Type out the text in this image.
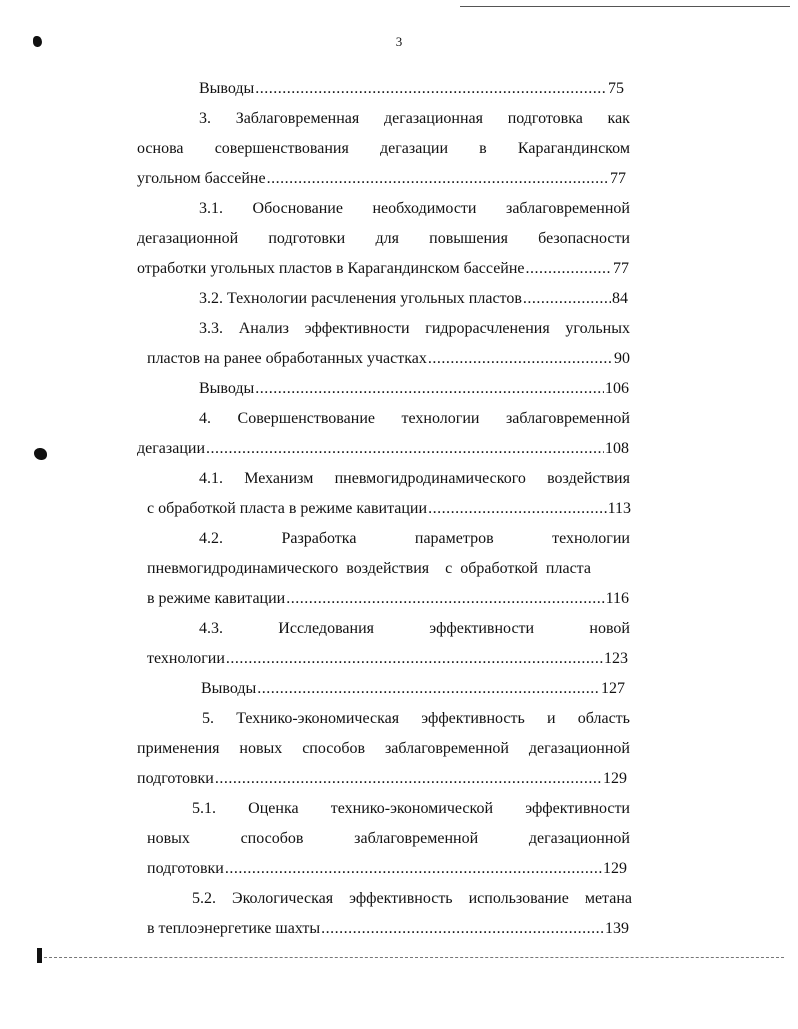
3
Выводы .....	75
3. Заблаговременная дегазационная подготовка как
основа совершенствования дегазации в Карагандинском
угольном бассейне .....	77
3.1. Обоснование необходимости заблаговременной
дегазационной подготовки для повышения безопасности
отработки угольных пластов в Карагандинском бассейне .....	77
3.2. Технологии расчленения угольных пластов .....	84
3.3. Анализ эффективности гидрорасчленения угольных
пластов на ранее обработанных участках .....	90
Выводы .....	106
4. Совершенствование технологии заблаговременной
дегазации .....	108
4.1. Механизм пневмогидродинамического воздействия
с обработкой пласта в режиме кавитации .....	113
4.2.	Разработка	параметров	технологии
пневмогидродинамического воздействия с обработкой пласта
в режиме кавитации .....	116
4.3.	Исследования	эффективности	новой
технологии .....	123
Выводы .....	127
5. Технико-экономическая эффективность и область
применения новых способов заблаговременной дегазационной
подготовки .....	129
5.1. Оценка технико-экономической эффективности
новых	способов	заблаговременной	дегазационной
подготовки .....	129
5.2. Экологическая эффективность использование метана
в теплоэнергетике шахты .....	139
